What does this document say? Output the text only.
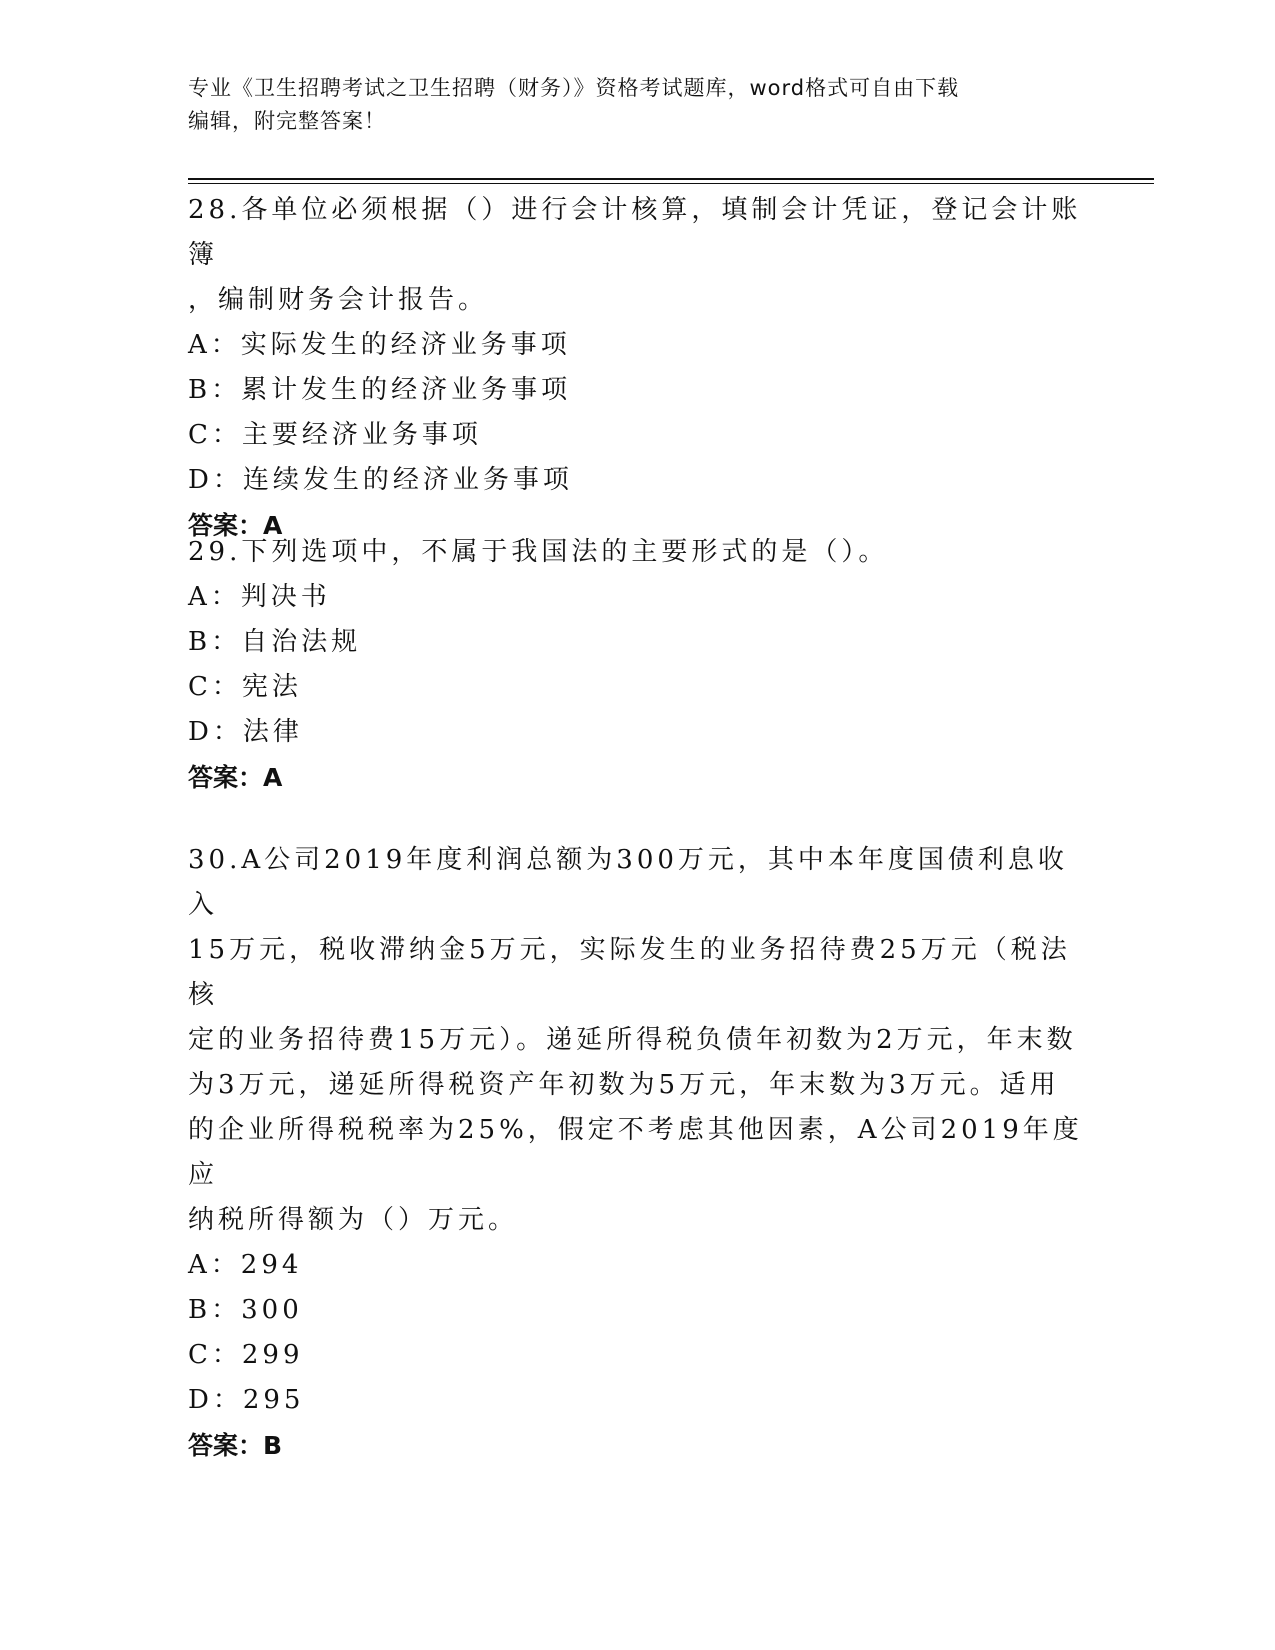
专业《卫生招聘考试之卫生招聘（财务）》资格考试题库，word格式可自由下载
编辑，附完整答案！

28.各单位必须根据（）进行会计核算，填制会计凭证，登记会计账簿

，编制财务会计报告。

A：实际发生的经济业务事项

B：累计发生的经济业务事项

C：主要经济业务事项

D：连续发生的经济业务事项

答案：A

29.下列选项中，不属于我国法的主要形式的是（）。

A：判决书

B：自治法规

C：宪法

D：法律

答案：A

30.A公司2019年度利润总额为300万元，其中本年度国债利息收入

15万元，税收滞纳金5万元，实际发生的业务招待费25万元（税法核

定的业务招待费15万元）。递延所得税负债年初数为2万元，年末数

为3万元，递延所得税资产年初数为5万元，年末数为3万元。适用

的企业所得税税率为25%，假定不考虑其他因素，A公司2019年度应

纳税所得额为（）万元。

A：294

B：300

C：299

D：295

答案：B
